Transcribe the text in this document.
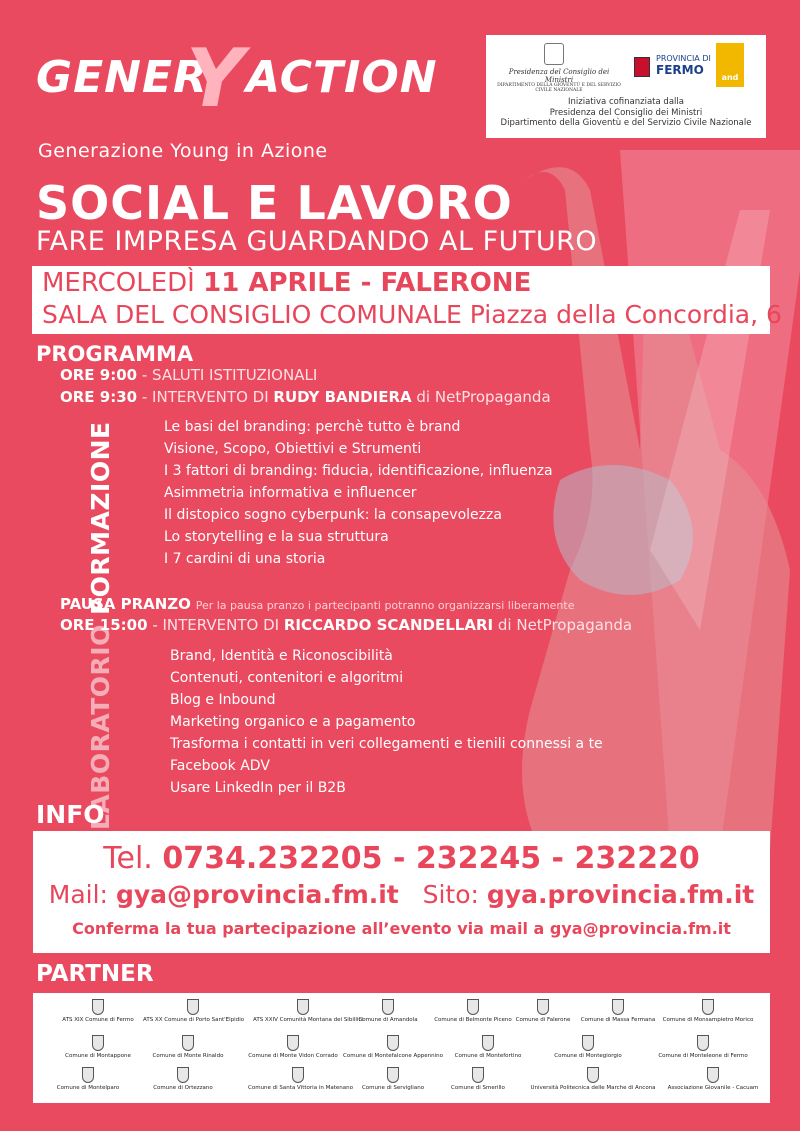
GENER
Y ACTION
Generazione Young in Azione
Presidenza del Consiglio dei Ministri
DIPARTIMENTO DELLA GIOVENTÙ E DEL SERVIZIO CIVILE NAZIONALE
PROVINCIA DI
FERMO
and
Iniziativa cofinanziata dalla
Presidenza del Consiglio dei Ministri
Dipartimento della Gioventù e del Servizio Civile Nazionale
SOCIAL E LAVORO
FARE IMPRESA GUARDANDO AL FUTURO
MERCOLEDÌ 11 APRILE - FALERONE
SALA DEL CONSIGLIO COMUNALE Piazza della Concordia, 6
PROGRAMMA
ORE 9:00 - SALUTI ISTITUZIONALI
ORE 9:30 - INTERVENTO DI RUDY BANDIERA di NetPropaganda
LABORATORIO FORMAZIONE	Le basi del branding: perchè tutto è brand
Visione, Scopo, Obiettivi e Strumenti
I 3 fattori di branding: fiducia, identificazione, influenza
Asimmetria informativa e influencer
Il distopico sogno cyberpunk: la consapevolezza
Lo storytelling e la sua struttura
I 7 cardini di una storia
PAUSA PRANZO Per la pausa pranzo i partecipanti potranno organizzarsi liberamente
ORE 15:00 - INTERVENTO DI RICCARDO SCANDELLARI di NetPropaganda
Brand, Identità e Riconoscibilità
Contenuti, contenitori e algoritmi
Blog e Inbound
Marketing organico e a pagamento
Trasforma i contatti in veri collegamenti e tienili connessi a te
Facebook ADV
Usare LinkedIn per il B2B
INFO
Tel. 0734.232205 - 232245 - 232220
Mail: gya@provincia.fm.it Sito: gya.provincia.fm.it
Conferma la tua partecipazione all’evento via mail a gya@provincia.fm.it
PARTNER
ATS XIX Comune di Fermo	ATS XX Comune di Porto Sant'Elpidio ATS XXIV Comunità Montana dei Sibillini
Comune di Amandola	Comune di Belmonte Piceno Comune di Falerone	Comune di Massa Fermana	Comune di Monsampietro Morico
Comune di Montappone	Comune di Monte Rinaldo	Comune di Monte Vidon Corrado Comune di Montefalcone Appennino	Comune di Montefortino	Comune di Montegiorgio	Comune di Monteleone di Fermo
Comune di Montelparo	Comune di Ortezzano	Comune di Santa Vittoria in Matenano	Comune di Servigliano	Comune di Smerillo	Università Politecnica delle Marche di Ancona	Associazione Giovanile - Cacuam
